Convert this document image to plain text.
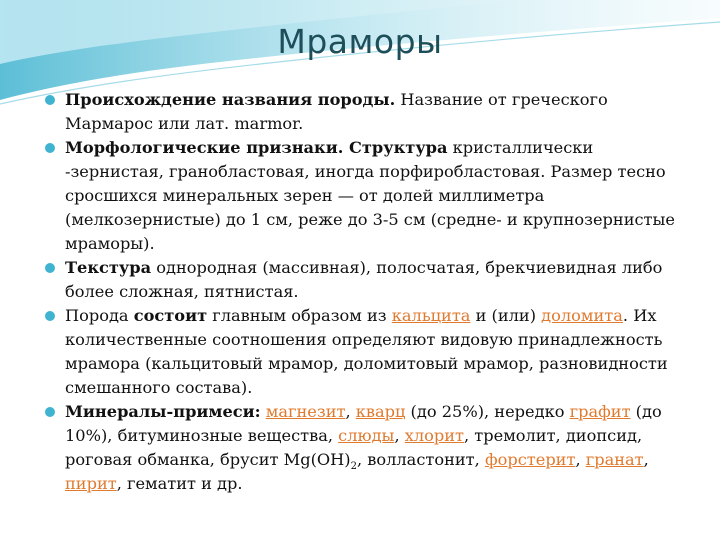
Мраморы
Происхождение названия породы. Название от греческого Мармарос или лат. marmor.
Морфологические признаки. Структура кристаллически -зернистая, гранобластовая, иногда порфиробластовая. Размер тесно сросшихся минеральных зерен — от долей миллиметра (мелкозернистые) до 1 см, реже до 3-5 см (средне- и крупнозернистые мраморы).
Текстура однородная (массивная), полосчатая, брекчиевидная либо более сложная, пятнистая.
Порода состоит главным образом из кальцита и (или) доломита. Их количественные соотношения определяют видовую принадлежность мрамора (кальцитовый мрамор, доломитовый мрамор, разновидности смешанного состава).
Минералы-примеси: магнезит, кварц (до 25%), нередко графит (до 10%), битуминозные вещества, слюды, хлорит, тремолит, диопсид, роговая обманка, брусит $Mg(OH)_2$, волластонит, форстерит, гранат, пирит, гематит и др.
